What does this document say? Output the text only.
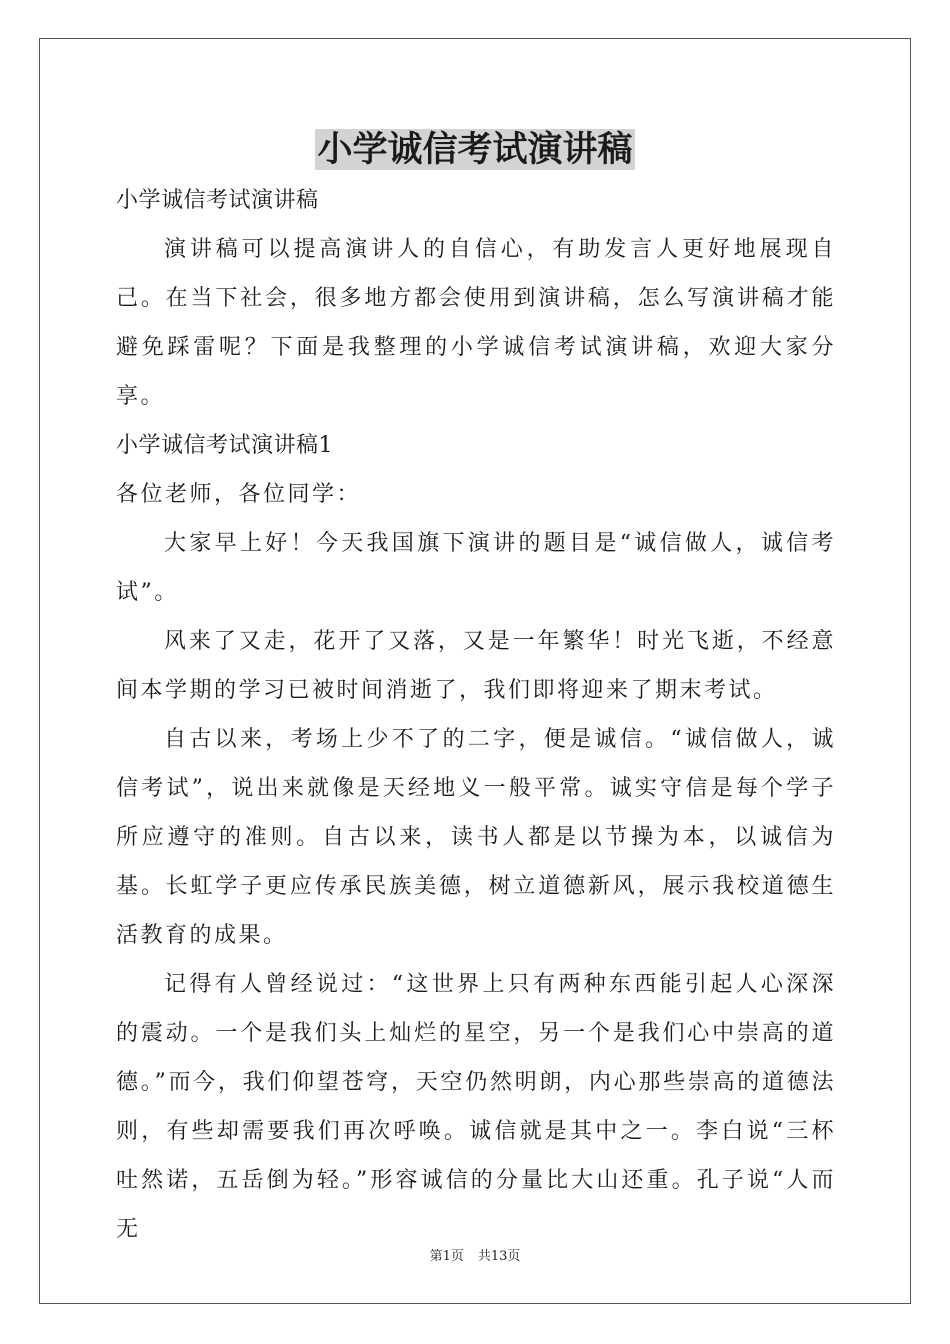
小学诚信考试演讲稿

小学诚信考试演讲稿

演讲稿可以提高演讲人的自信心，有助发言人更好地展现自己。在当下社会，很多地方都会使用到演讲稿，怎么写演讲稿才能避免踩雷呢？下面是我整理的小学诚信考试演讲稿，欢迎大家分享。

小学诚信考试演讲稿1

各位老师，各位同学：

大家早上好！今天我国旗下演讲的题目是“诚信做人，诚信考试”。

风来了又走，花开了又落，又是一年繁华！时光飞逝，不经意间本学期的学习已被时间消逝了，我们即将迎来了期末考试。

自古以来，考场上少不了的二字，便是诚信。“诚信做人，诚信考试”，说出来就像是天经地义一般平常。诚实守信是每个学子所应遵守的准则。自古以来，读书人都是以节操为本，以诚信为基。长虹学子更应传承民族美德，树立道德新风，展示我校道德生活教育的成果。

记得有人曾经说过：“这世界上只有两种东西能引起人心深深的震动。一个是我们头上灿烂的星空，另一个是我们心中崇高的道德。”而今，我们仰望苍穹，天空仍然明朗，内心那些崇高的道德法则，有些却需要我们再次呼唤。诚信就是其中之一。李白说“三杯吐然诺，五岳倒为轻。”形容诚信的分量比大山还重。孔子说“人而无

第1页 共13页
